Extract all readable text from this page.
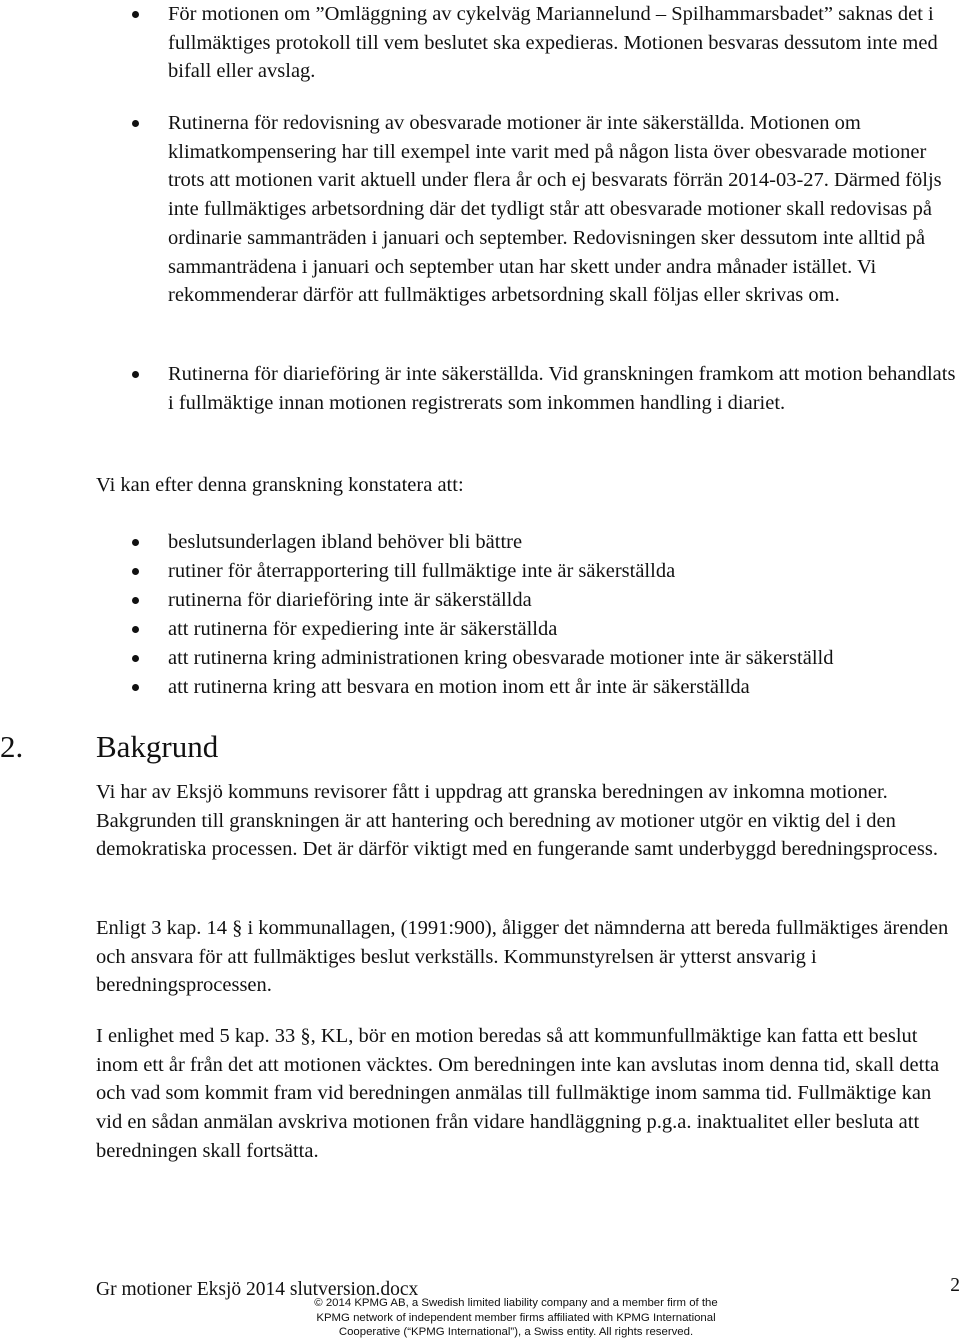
För motionen om ”Omläggning av cykelväg Mariannelund – Spilhammarsbadet” saknas det i fullmäktiges protokoll till vem beslutet ska expedieras. Motionen besvaras dessutom inte med bifall eller avslag.

Rutinerna för redovisning av obesvarade motioner är inte säkerställda. Motionen om klimatkompensering har till exempel inte varit med på någon lista över obesvarade motioner trots att motionen varit aktuell under flera år och ej besvarats förrän 2014-03-27. Därmed följs inte fullmäktiges arbetsordning där det tydligt står att obesvarade motioner skall redovisas på ordinarie sammanträden i januari och september. Redovisningen sker dessutom inte alltid på sammanträdena i januari och september utan har skett under andra månader istället. Vi rekommenderar därför att fullmäktiges arbetsordning skall följas eller skrivas om.

Rutinerna för diarieföring är inte säkerställda. Vid granskningen framkom att motion behandlats i fullmäktige innan motionen registrerats som inkommen handling i diariet.

Vi kan efter denna granskning konstatera att:

beslutsunderlagen ibland behöver bli bättre
rutiner för återrapportering till fullmäktige inte är säkerställda
rutinerna för diarieföring inte är säkerställda
att rutinerna för expediering inte är säkerställda
att rutinerna kring administrationen kring obesvarade motioner inte är säkerställd
att rutinerna kring att besvara en motion inom ett år inte är säkerställda
2. Bakgrund

Vi har av Eksjö kommuns revisorer fått i uppdrag att granska beredningen av inkomna motioner. Bakgrunden till granskningen är att hantering och beredning av motioner utgör en viktig del i den demokratiska processen. Det är därför viktigt med en fungerande samt underbyggd beredningsprocess.

Enligt 3 kap. 14 § i kommunallagen, (1991:900), åligger det nämnderna att bereda fullmäktiges ärenden och ansvara för att fullmäktiges beslut verkställs. Kommunstyrelsen är ytterst ansvarig i beredningsprocessen.

I enlighet med 5 kap. 33 §, KL, bör en motion beredas så att kommunfullmäktige kan fatta ett beslut inom ett år från det att motionen väcktes. Om beredningen inte kan avslutas inom denna tid, skall detta och vad som kommit fram vid beredningen anmälas till fullmäktige inom samma tid. Fullmäktige kan vid en sådan anmälan avskriva motionen från vidare handläggning p.g.a. inaktualitet eller besluta att beredningen skall fortsätta.

Gr motioner Eksjö 2014 slutversion.docx	2
© 2014 KPMG AB, a Swedish limited liability company and a member firm of the KPMG network of independent member firms affiliated with KPMG International Cooperative (“KPMG International”), a Swiss entity. All rights reserved.
